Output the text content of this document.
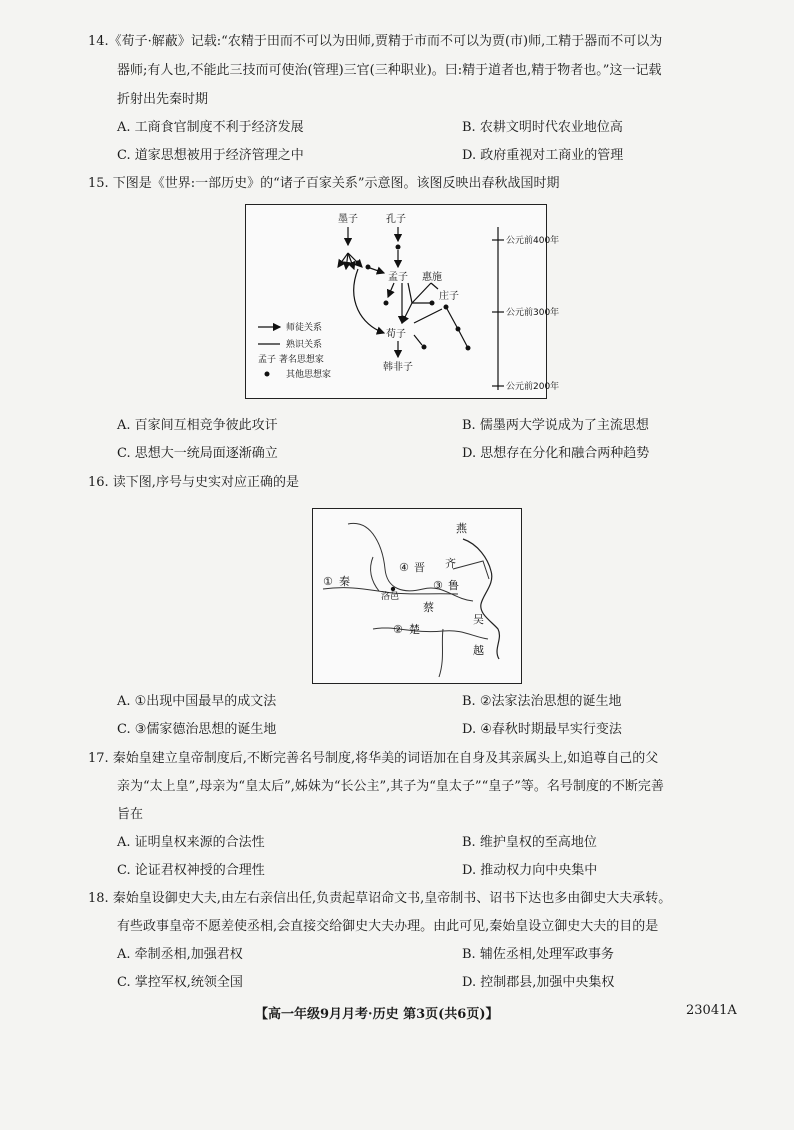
14.《荀子·解蔽》记载:“农精于田而不可以为田师,贾精于市而不可以为贾(市)师,工精于器而不可以为
器师;有人也,不能此三技而可使治(管理)三官(三种职业)。曰:精于道者也,精于物者也。”这一记载
折射出先秦时期
A. 工商食官制度不利于经济发展	B. 农耕文明时代农业地位高
C. 道家思想被用于经济管理之中	D. 政府重视对工商业的管理
15. 下图是《世界:一部历史》的“诸子百家关系”示意图。该图反映出春秋战国时期
公元前400年
公元前300年
公元前200年
墨子	孔子
孟子 惠施
庄子
荀子
韩非子
师徒关系
熟识关系
孟子 著名思想家
其他思想家
A. 百家间互相竞争彼此攻讦	B. 儒墨两大学说成为了主流思想
C. 思想大一统局面逐渐确立	D. 思想存在分化和融合两种趋势
16. 读下图,序号与史实对应正确的是
燕
晋 齐
秦	鲁
洛邑
蔡
楚
吴
越
①
②
③
④
A. ①出现中国最早的成文法	B. ②法家法治思想的诞生地
C. ③儒家德治思想的诞生地	D. ④春秋时期最早实行变法
17. 秦始皇建立皇帝制度后,不断完善名号制度,将华美的词语加在自身及其亲属头上,如追尊自己的父
亲为“太上皇”,母亲为“皇太后”,姊妹为“长公主”,其子为“皇太子”“皇子”等。名号制度的不断完善
旨在
A. 证明皇权来源的合法性	B. 维护皇权的至高地位
C. 论证君权神授的合理性	D. 推动权力向中央集中
18. 秦始皇设御史大夫,由左右亲信出任,负责起草诏命文书,皇帝制书、诏书下达也多由御史大夫承转。
有些政事皇帝不愿差使丞相,会直接交给御史大夫办理。由此可见,秦始皇设立御史大夫的目的是
A. 牵制丞相,加强君权	B. 辅佐丞相,处理军政事务
C. 掌控军权,统领全国	D. 控制郡县,加强中央集权
【高一年级9月月考·历史 第3页(共6页)】	23041A
